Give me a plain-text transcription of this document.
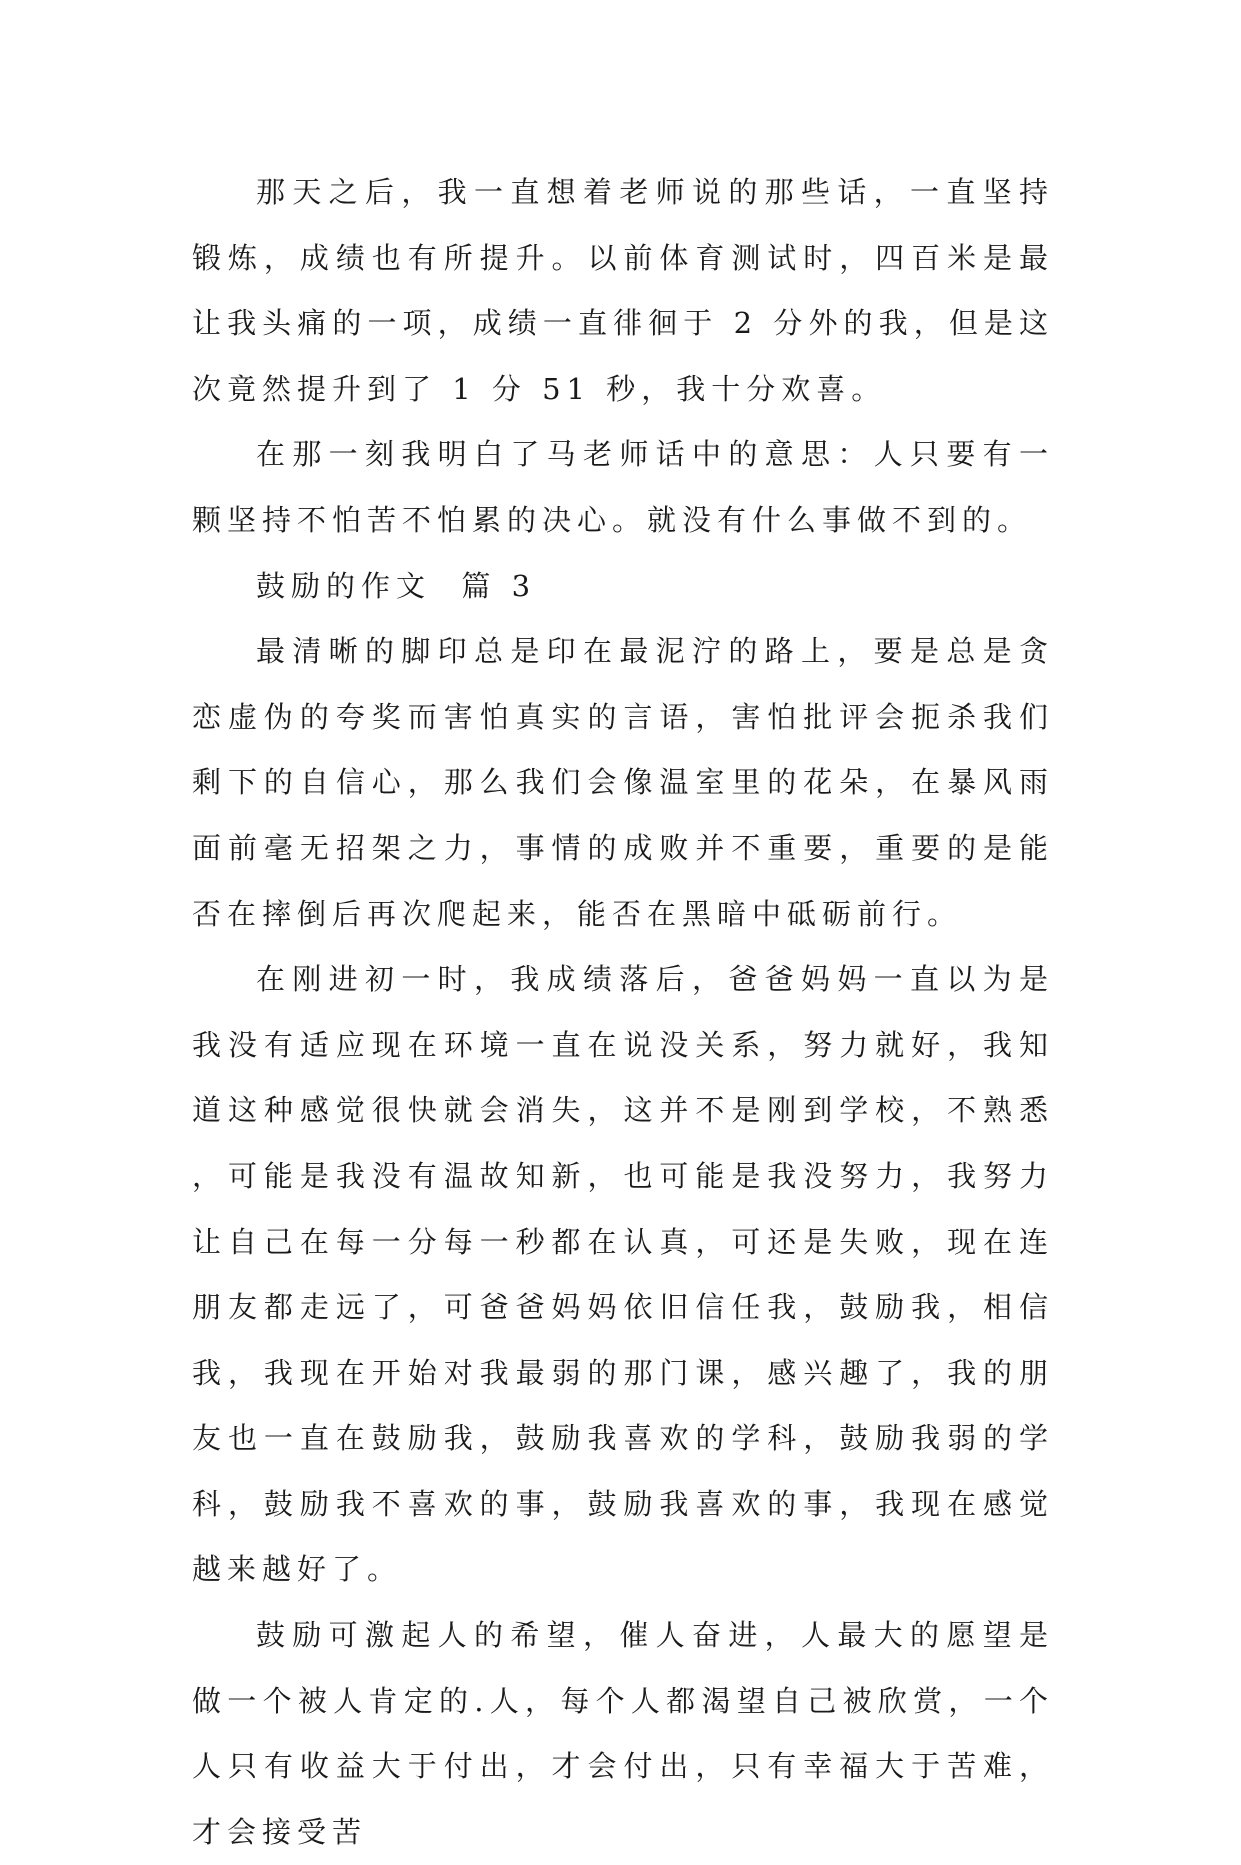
那天之后，我一直想着老师说的那些话，一直坚持锻炼，成绩也有所提升。以前体育测试时，四百米是最让我头痛的一项，成绩一直徘徊于 2 分外的我，但是这次竟然提升到了 1 分 51 秒，我十分欢喜。

在那一刻我明白了马老师话中的意思：人只要有一颗坚持不怕苦不怕累的决心。就没有什么事做不到的。

鼓励的作文  篇 3

最清晰的脚印总是印在最泥泞的路上，要是总是贪恋虚伪的夸奖而害怕真实的言语，害怕批评会扼杀我们剩下的自信心，那么我们会像温室里的花朵，在暴风雨面前毫无招架之力，事情的成败并不重要，重要的是能否在摔倒后再次爬起来，能否在黑暗中砥砺前行。

在刚进初一时，我成绩落后，爸爸妈妈一直以为是我没有适应现在环境一直在说没关系，努力就好，我知道这种感觉很快就会消失，这并不是刚到学校，不熟悉，可能是我没有温故知新，也可能是我没努力，我努力让自己在每一分每一秒都在认真，可还是失败，现在连朋友都走远了，可爸爸妈妈依旧信任我，鼓励我，相信我，我现在开始对我最弱的那门课，感兴趣了，我的朋友也一直在鼓励我，鼓励我喜欢的学科，鼓励我弱的学科，鼓励我不喜欢的事，鼓励我喜欢的事，我现在感觉越来越好了。

鼓励可激起人的希望，催人奋进，人最大的愿望是做一个被人肯定的.人，每个人都渴望自己被欣赏，一个人只有收益大于付出，才会付出，只有幸福大于苦难，才会接受苦
